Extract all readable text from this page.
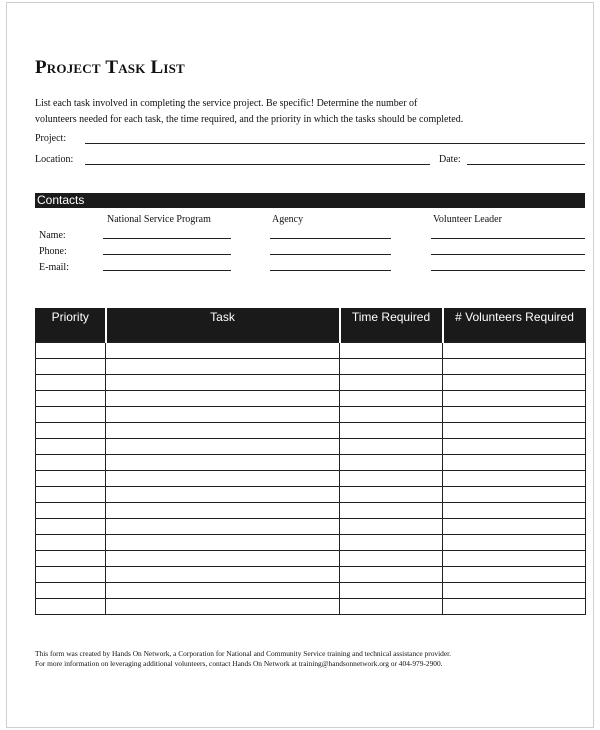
Project Task List

List each task involved in completing the service project. Be specific! Determine the number of
volunteers needed for each task, the time required, and the priority in which the tasks should be completed.

Project:
Location:	Date:
Contacts
National Service Program	Agency	Volunteer Leader
Name:
Phone:
E-mail:
Priority	Task	Time Required	# Volunteers Required

This form was created by Hands On Network, a Corporation for National and Community Service training and technical assistance provider.
For more information on leveraging additional volunteers, contact Hands On Network at training@handsonnetwork.org or 404-979-2900.
